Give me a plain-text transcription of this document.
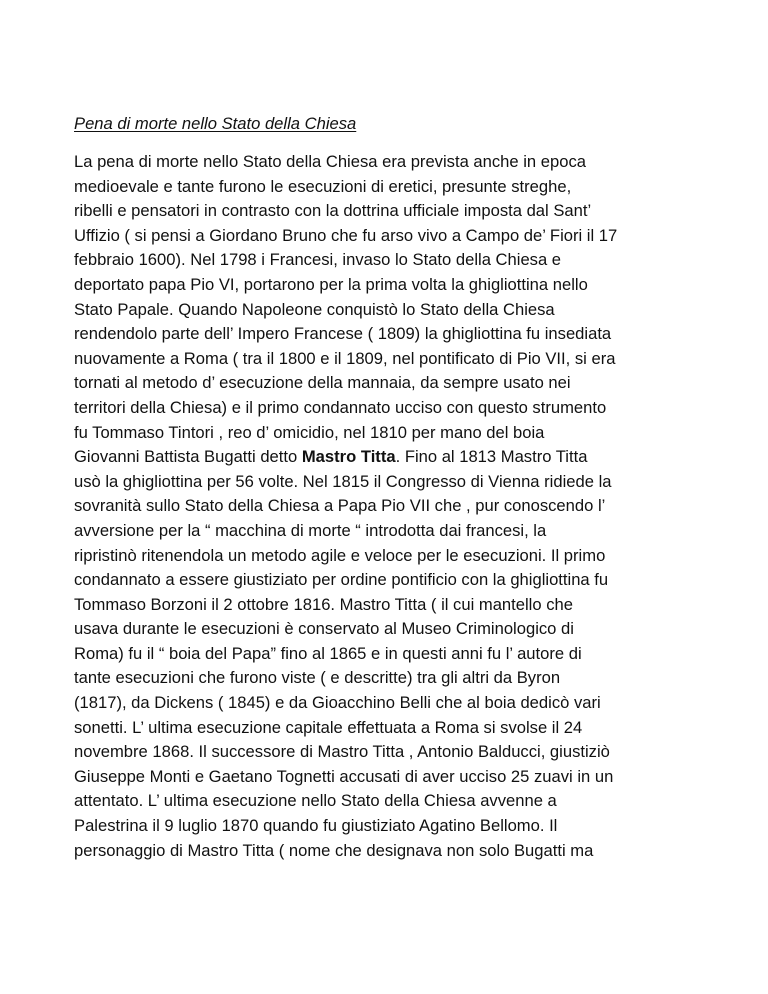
Pena di morte nello Stato della Chiesa

La pena di morte nello Stato della Chiesa era prevista anche in epoca
medioevale e tante furono le esecuzioni di eretici, presunte streghe,
ribelli e pensatori in contrasto con la dottrina ufficiale imposta dal Sant’
Uffizio ( si pensi a Giordano Bruno che fu arso vivo a Campo de’ Fiori il 17
febbraio 1600). Nel 1798 i Francesi, invaso lo Stato della Chiesa e
deportato papa Pio VI, portarono per la prima volta la ghigliottina nello
Stato Papale. Quando Napoleone conquistò lo Stato della Chiesa
rendendolo parte dell’ Impero Francese ( 1809) la ghigliottina fu insediata
nuovamente a Roma ( tra il 1800 e il 1809, nel pontificato di Pio VII, si era
tornati al metodo d’ esecuzione della mannaia, da sempre usato nei
territori della Chiesa) e il primo condannato ucciso con questo strumento
fu Tommaso Tintori , reo d’ omicidio, nel 1810 per mano del boia
Giovanni Battista Bugatti detto Mastro Titta. Fino al 1813 Mastro Titta
usò la ghigliottina per 56 volte. Nel 1815 il Congresso di Vienna ridiede la
sovranità sullo Stato della Chiesa a Papa Pio VII che , pur conoscendo l’
avversione per la “ macchina di morte “ introdotta dai francesi, la
ripristinò ritenendola un metodo agile e veloce per le esecuzioni. Il primo
condannato a essere giustiziato per ordine pontificio con la ghigliottina fu
Tommaso Borzoni il 2 ottobre 1816. Mastro Titta ( il cui mantello che
usava durante le esecuzioni è conservato al Museo Criminologico di
Roma) fu il “ boia del Papa” fino al 1865 e in questi anni fu l’ autore di
tante esecuzioni che furono viste ( e descritte) tra gli altri da Byron
(1817), da Dickens ( 1845) e da Gioacchino Belli che al boia dedicò vari
sonetti. L’ ultima esecuzione capitale effettuata a Roma si svolse il 24
novembre 1868. Il successore di Mastro Titta , Antonio Balducci, giustiziò
Giuseppe Monti e Gaetano Tognetti accusati di aver ucciso 25 zuavi in un
attentato. L’ ultima esecuzione nello Stato della Chiesa avvenne a
Palestrina il 9 luglio 1870 quando fu giustiziato Agatino Bellomo. Il
personaggio di Mastro Titta ( nome che designava non solo Bugatti ma
